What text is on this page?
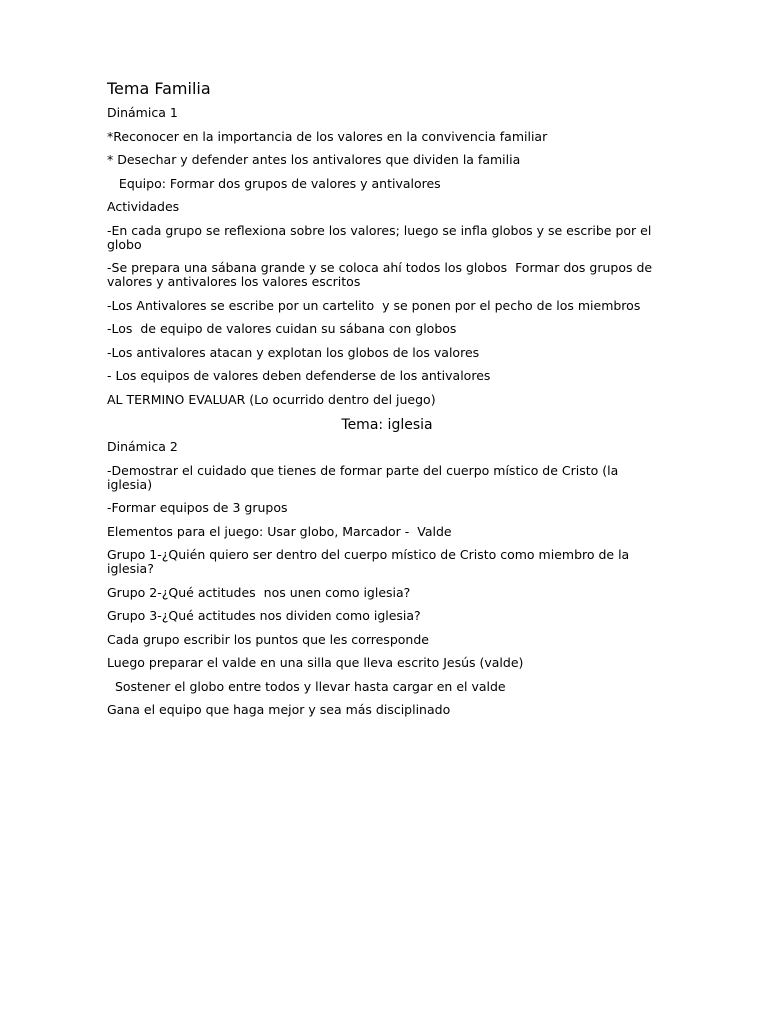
Tema Familia
Dinámica 1
*Reconocer en la importancia de los valores en la convivencia familiar
* Desechar y defender antes los antivalores que dividen la familia
Equipo: Formar dos grupos de valores y antivalores
Actividades
-En cada grupo se reflexiona sobre los valores; luego se infla globos y se escribe por el globo
-Se prepara una sábana grande y se coloca ahí todos los globos  Formar dos grupos de valores y antivalores los valores escritos
-Los Antivalores se escribe por un cartelito  y se ponen por el pecho de los miembros
-Los  de equipo de valores cuidan su sábana con globos
-Los antivalores atacan y explotan los globos de los valores
- Los equipos de valores deben defenderse de los antivalores
AL TERMINO EVALUAR (Lo ocurrido dentro del juego)
Tema: iglesia
Dinámica 2
-Demostrar el cuidado que tienes de formar parte del cuerpo místico de Cristo (la iglesia)
-Formar equipos de 3 grupos
Elementos para el juego: Usar globo, Marcador -  Valde
Grupo 1-¿Quién quiero ser dentro del cuerpo místico de Cristo como miembro de la iglesia?
Grupo 2-¿Qué actitudes  nos unen como iglesia?
Grupo 3-¿Qué actitudes nos dividen como iglesia?
Cada grupo escribir los puntos que les corresponde
Luego preparar el valde en una silla que lleva escrito Jesús (valde)
Sostener el globo entre todos y llevar hasta cargar en el valde
Gana el equipo que haga mejor y sea más disciplinado
